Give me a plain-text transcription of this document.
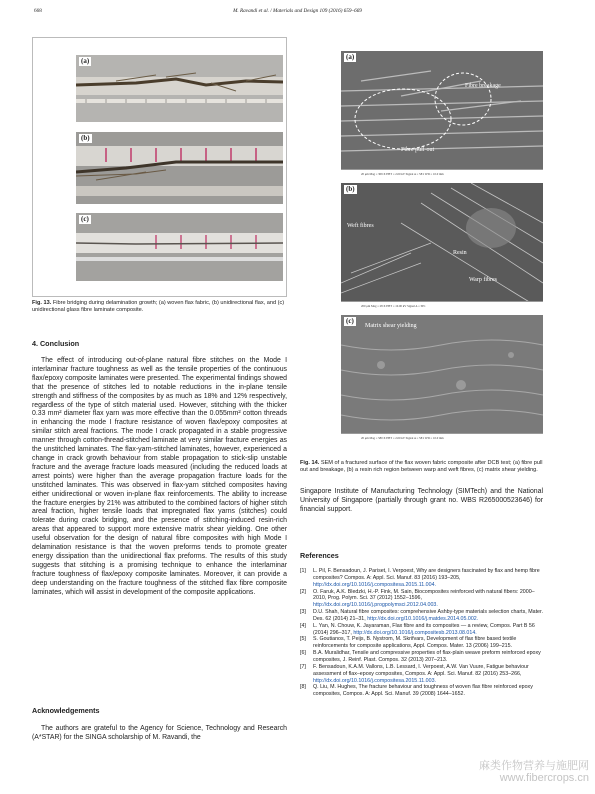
668	M. Ravandi et al. / Materials and Design 109 (2016) 659–669
(a)
(b)
(c)
Fig. 13. Fibre bridging during delamination growth; (a) woven flax fabric, (b) unidirectional flax, and (c) unidirectional glass fibre laminate composite.
(a)
Fibre breakage
Fibre pull-out
20 μm Mag = 309 X EHT = 2.00 kV Signal A = SE1 WD = 10.0 mm
(b)
Weft fibres
Resin
Warp fibres
200 μm Mag = 28 X EHT = 10.00 kV Signal A = SE1
(c)
Matrix shear yielding
20 μm Mag = 580 X EHT = 2.00 kV Signal A = SE1 WD = 10.0 mm
Fig. 14. SEM of a fractured surface of the flax woven fabric composite after DCB test; (a) fibre pull out and breakage, (b) a resin rich region between warp and weft fibres, (c) matrix shear yielding.
4. Conclusion

The effect of introducing out-of-plane natural fibre stitches on the Mode I interlaminar fracture toughness as well as the tensile properties of the continuous flax/epoxy composite laminates were presented. The experimental findings showed that the presence of stitches led to notable reductions in the in-plane tensile strength and stiffness of the composites by as much as 18% and 12% respectively, regardless of the type of stitch material used. However, stitching with the thicker 0.33 mm² diameter flax yarn was more effective than the 0.055mm² cotton threads in enhancing the mode I fracture resistance of woven flax/epoxy composites at similar stitch areal fractions. The mode I crack propagated in a stable progressive manner through cotton-thread-stitched laminate at very similar fracture energies as the unstitched laminates. The flax-yarn-stitched laminates, however, experienced a change in crack growth behaviour from stable propagation to stick-slip unstable fracture and the average fracture loads measured (including the reduced loads at arrest points) were higher than the average propagation fracture loads for the unstitched laminates. This was observed in flax-yarn stitched composites having either unidirectional or woven in-plane flax reinforcements. The ability to increase the fracture energies by 21% was attributed to the combined factors of higher stitch areal fraction, higher tensile loads that impregnated flax yarns (stitches) could tolerate during crack bridging, and the presence of stitching-induced resin-rich areas that appeared to support more extensive matrix shear yielding. One other useful observation for the design of natural fibre composites with high Mode I delamination resistance is that the woven preforms tends to promote greater energy dissipation than the unidirectional flax preforms. The results of this study suggests that stitching is a promising technique to enhance the interlaminar fracture toughness of flax/epoxy composite laminates. Moreover, it can provide a deep understanding on the fracture toughness of the stitched flax fibre composite laminates, which will assist in development of the composite applications.

Acknowledgements

The authors are grateful to the Agency for Science, Technology and Research (A*STAR) for the SINGA scholarship of M. Ravandi, the

Singapore Institute of Manufacturing Technology (SIMTech) and the National University of Singapore (partially through grant no. WBS R265000523646) for financial support.

References
[1] L. Pil, F. Bensadoun, J. Pariset, I. Verpoest, Why are designers fascinated by flax and hemp fibre composites? Compos. A: Appl. Sci. Manuf. 83 (2016) 193–205, http://dx.doi.org/10.1016/j.compositesa.2015.11.004.
[2] O. Faruk, A.K. Bledzki, H.-P. Fink, M. Sain, Biocomposites reinforced with natural fibers: 2000–2010, Prog. Polym. Sci. 37 (2012) 1552–1596, http://dx.doi.org/10.1016/j.progpolymsci.2012.04.003.
[3] D.U. Shah, Natural fibre composites: comprehensive Ashby-type materials selection charts, Mater. Des. 62 (2014) 21–31, http://dx.doi.org/10.1016/j.matdes.2014.05.002.
[4] L. Yan, N. Chouw, K. Jayaraman, Flax fibre and its composites — a review, Compos. Part B 56 (2014) 296–317, http://dx.doi.org/10.1016/j.compositesb.2013.08.014.
[5] S. Goutianos, T. Peijs, B. Nystrom, M. Skrifvars, Development of flax fibre based textile reinforcements for composite applications, Appl. Compos. Mater. 13 (2006) 199–215.
[6] B.A. Muralidhar, Tensile and compressive properties of flax-plain weave preform reinforced epoxy composites, J. Reinf. Plast. Compos. 32 (2013) 207–213.
[7] F. Bensadoun, K.A.M. Vallons, L.B. Lessard, I. Verpoest, A.W. Van Vuure, Fatigue behaviour assessment of flax–epoxy composites, Compos. A: Appl. Sci. Manuf. 82 (2016) 253–266, http://dx.doi.org/10.1016/j.compositesa.2015.11.003.
[8] Q. Liu, M. Hughes, The fracture behaviour and toughness of woven flax fibre reinforced epoxy composites, Compos. A: Appl. Sci. Manuf. 39 (2008) 1644–1652.
麻类作物营养与施肥网
www.fibercrops.cn
